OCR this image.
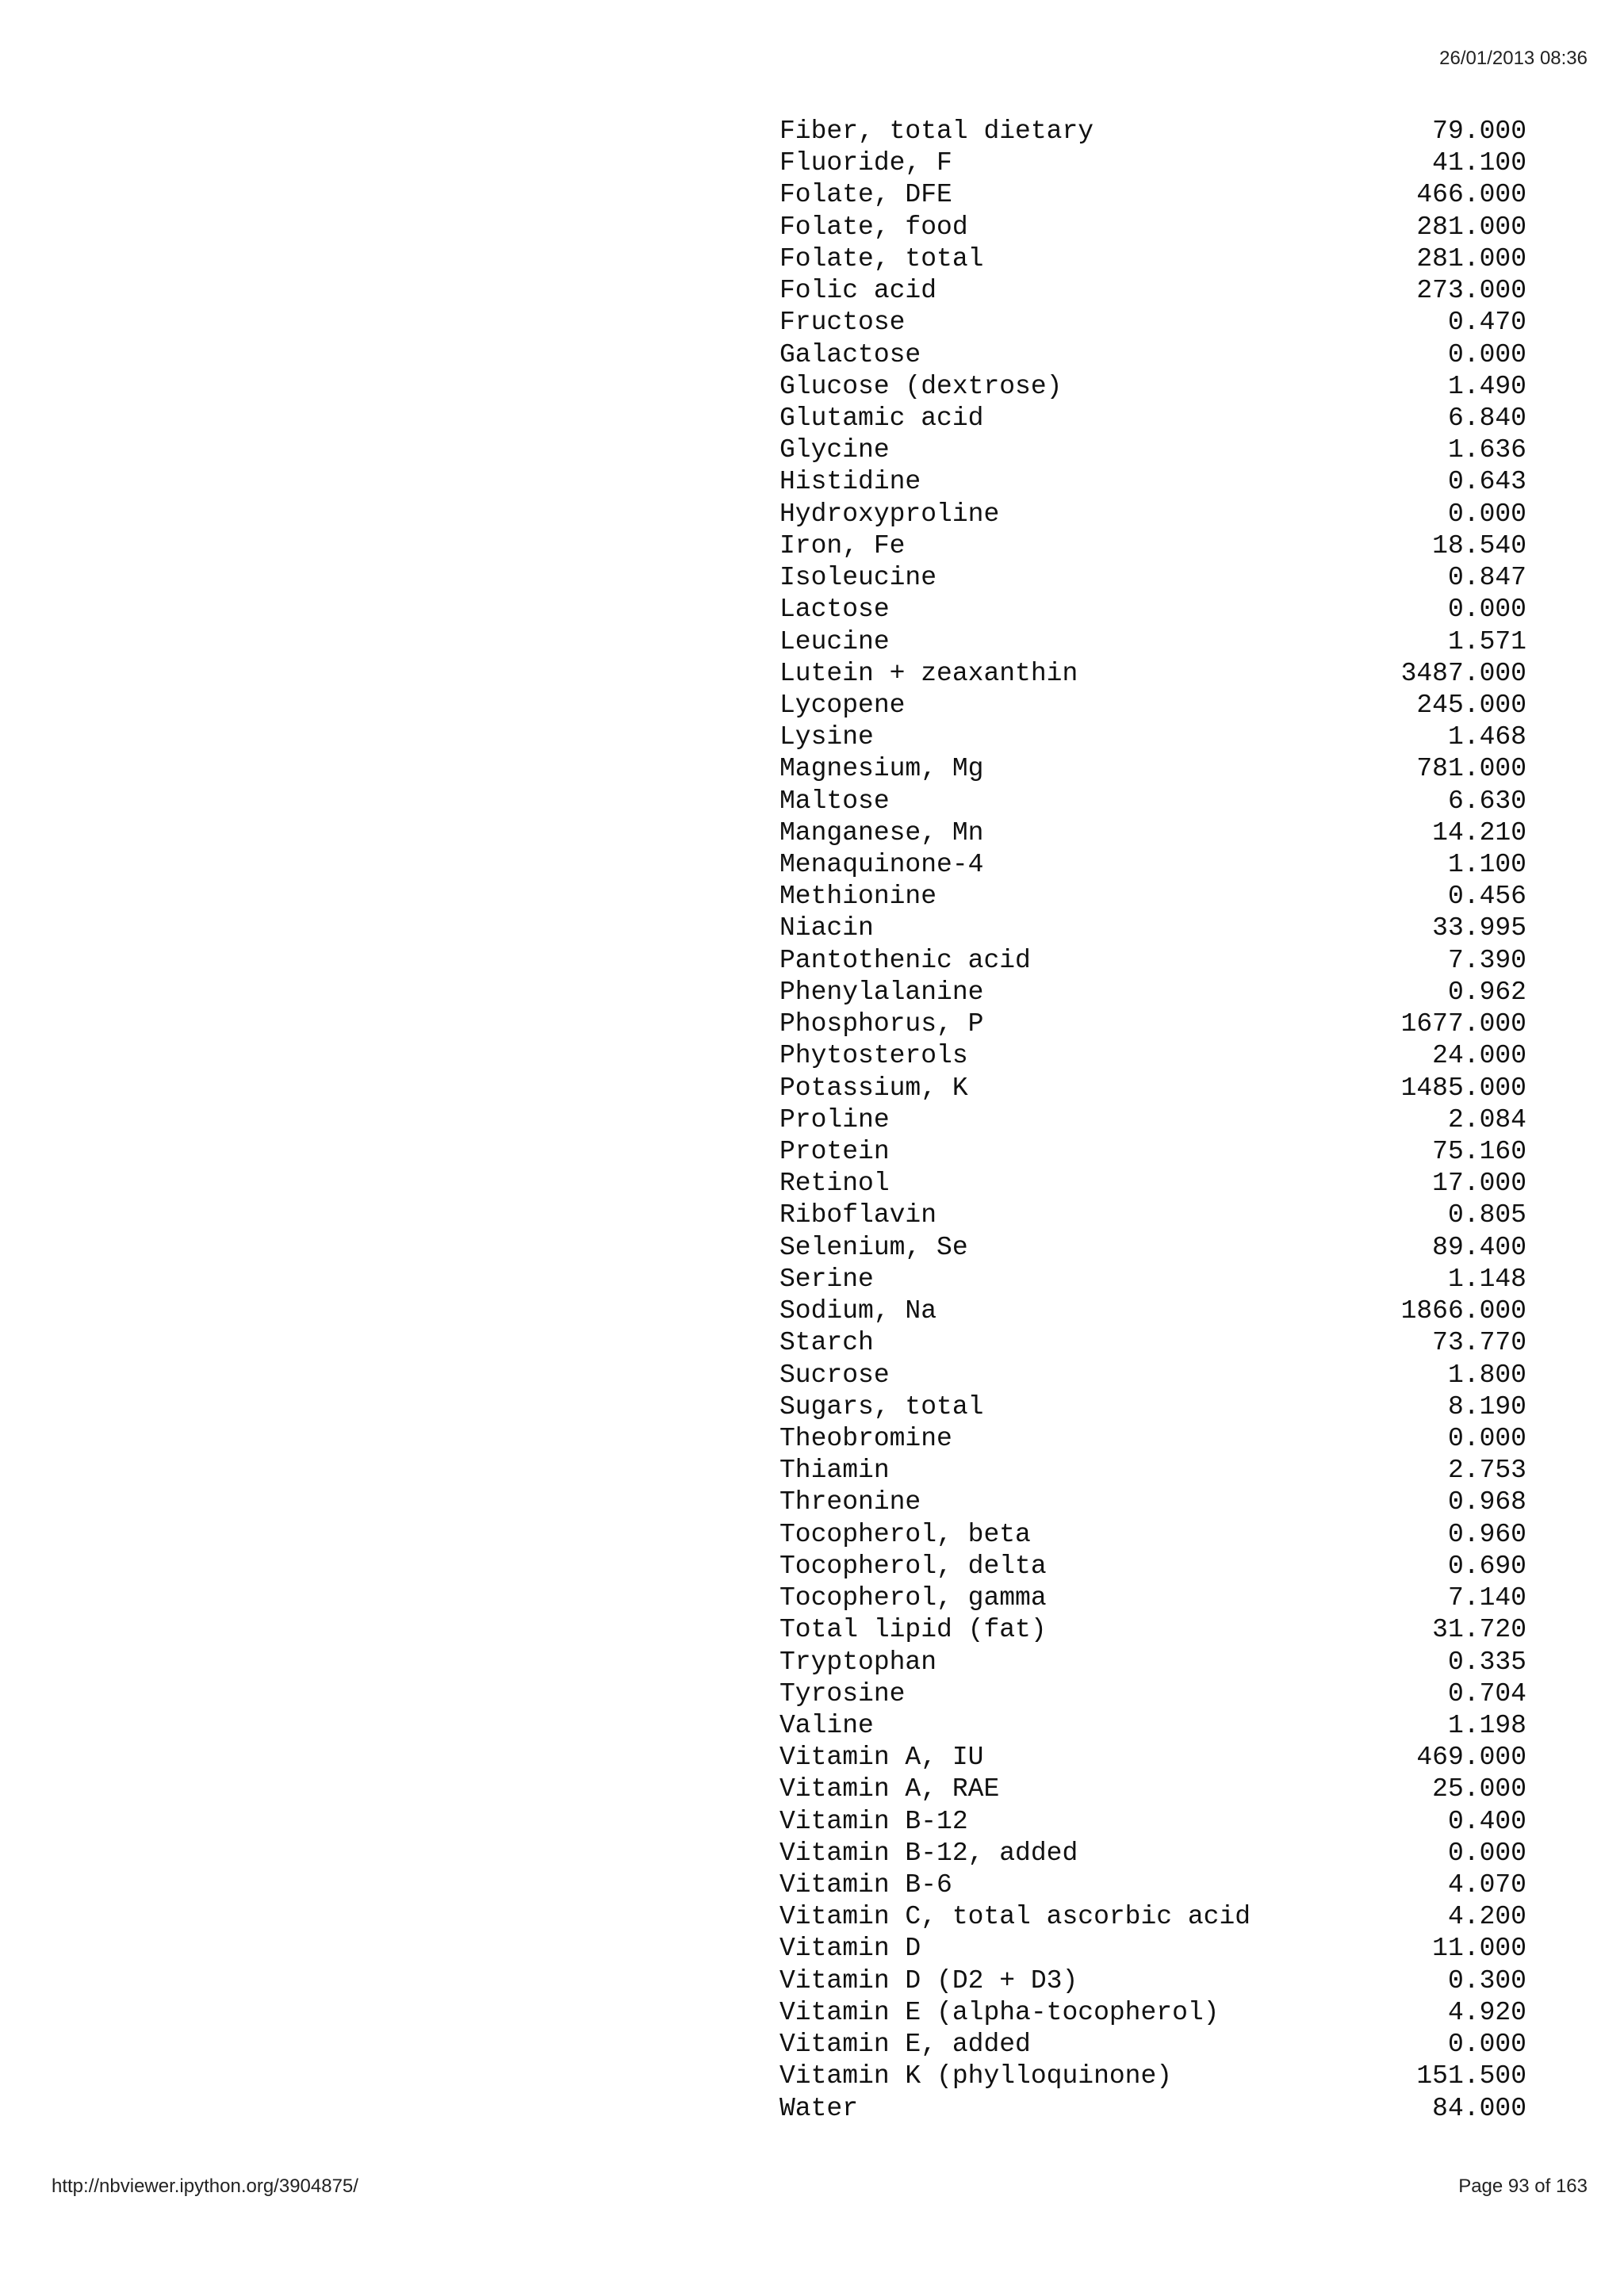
26/01/2013 08:36
Fiber, total dietary	79.000
Fluoride, F	41.100
Folate, DFE	466.000
Folate, food	281.000
Folate, total	281.000
Folic acid	273.000
Fructose	0.470
Galactose	0.000
Glucose (dextrose)	1.490
Glutamic acid	6.840
Glycine	1.636
Histidine	0.643
Hydroxyproline	0.000
Iron, Fe	18.540
Isoleucine	0.847
Lactose	0.000
Leucine	1.571
Lutein + zeaxanthin	3487.000
Lycopene	245.000
Lysine	1.468
Magnesium, Mg	781.000
Maltose	6.630
Manganese, Mn	14.210
Menaquinone-4	1.100
Methionine	0.456
Niacin	33.995
Pantothenic acid	7.390
Phenylalanine	0.962
Phosphorus, P	1677.000
Phytosterols	24.000
Potassium, K	1485.000
Proline	2.084
Protein	75.160
Retinol	17.000
Riboflavin	0.805
Selenium, Se	89.400
Serine	1.148
Sodium, Na	1866.000
Starch	73.770
Sucrose	1.800
Sugars, total	8.190
Theobromine	0.000
Thiamin	2.753
Threonine	0.968
Tocopherol, beta	0.960
Tocopherol, delta	0.690
Tocopherol, gamma	7.140
Total lipid (fat)	31.720
Tryptophan	0.335
Tyrosine	0.704
Valine	1.198
Vitamin A, IU	469.000
Vitamin A, RAE	25.000
Vitamin B-12	0.400
Vitamin B-12, added	0.000
Vitamin B-6	4.070
Vitamin C, total ascorbic acid	4.200
Vitamin D	11.000
Vitamin D (D2 + D3)	0.300
Vitamin E (alpha-tocopherol)	4.920
Vitamin E, added	0.000
Vitamin K (phylloquinone)	151.500
Water	84.000
http://nbviewer.ipython.org/3904875/	Page 93 of 163
